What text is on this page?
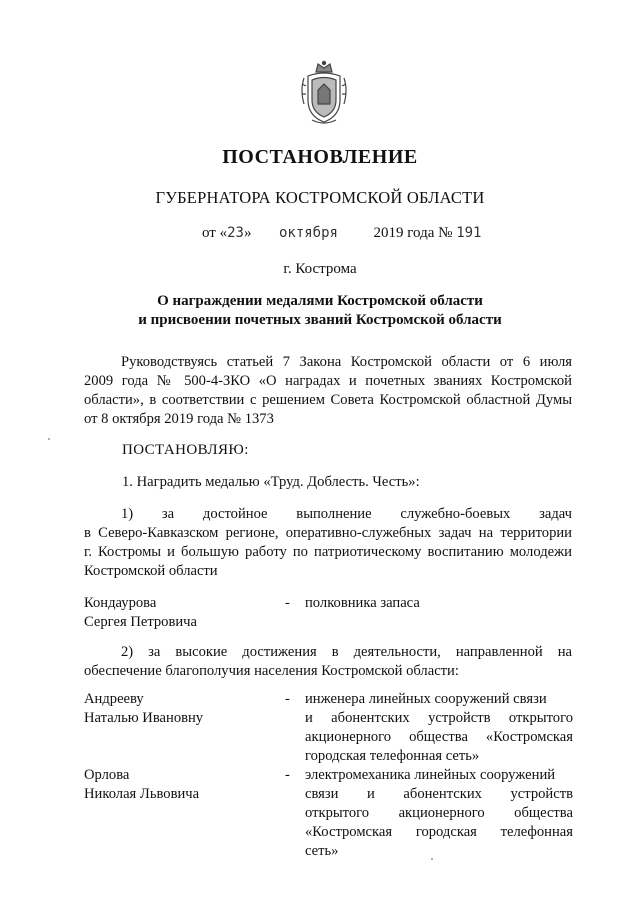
ПОСТАНОВЛЕНИЕ
ГУБЕРНАТОРА КОСТРОМСКОЙ ОБЛАСТИ
от «23» октября 2019 года № 191
г. Кострома
О награждении медалями Костромской области
и присвоении почетных званий Костромской области
Руководствуясь статьей 7 Закона Костромской области от 6 июля
2009 года № 500-4-ЗКО «О наградах и почетных званиях Костромской
области», в соответствии с решением Совета Костромской областной Думы
от 8 октября 2019 года № 1373
ПОСТАНОВЛЯЮ:
1. Наградить медалью «Труд. Доблесть. Честь»:
1) за достойное выполнение служебно-боевых задач
в Северо-Кавказском регионе, оперативно-служебных задач на территории
г. Костромы и большую работу по патриотическому воспитанию молодежи
Костромской области
Кондаурова
Сергея Петровича
- полковника запаса
2) за высокие достижения в деятельности, направленной на
обеспечение благополучия населения Костромской области:
Андрееву
Наталью Ивановну
- инженера линейных сооружений связи
и абонентских устройств открытого
акционерного общества «Костромская
городская телефонная сеть»
Орлова
Николая Львовича
- электромеханика линейных сооружений
связи и абонентских устройств
открытого акционерного общества
«Костромская городская телефонная
сеть»
